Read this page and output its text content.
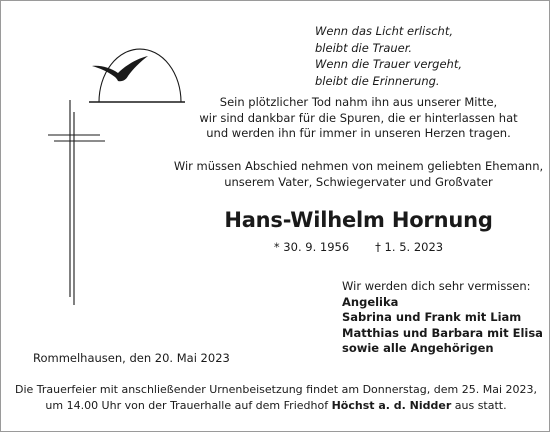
Wenn das Licht erlischt,
bleibt die Trauer.
Wenn die Trauer vergeht,
bleibt die Erinnerung.
Sein plötzlicher Tod nahm ihn aus unserer Mitte,
wir sind dankbar für die Spuren, die er hinterlassen hat
und werden ihn für immer in unseren Herzen tragen.
Wir müssen Abschied nehmen von meinem geliebten Ehemann,
unserem Vater, Schwiegervater und Großvater
Hans-Wilhelm Hornung
* 30. 9. 1956 † 1. 5. 2023
Wir werden dich sehr vermissen:
Angelika
Sabrina und Frank mit Liam
Matthias und Barbara mit Elisa
sowie alle Angehörigen
Rommelhausen, den 20. Mai 2023
Die Trauerfeier mit anschließender Urnenbeisetzung findet am Donnerstag, dem 25. Mai 2023,
um 14.00 Uhr von der Trauerhalle auf dem Friedhof Höchst a. d. Nidder aus statt.
